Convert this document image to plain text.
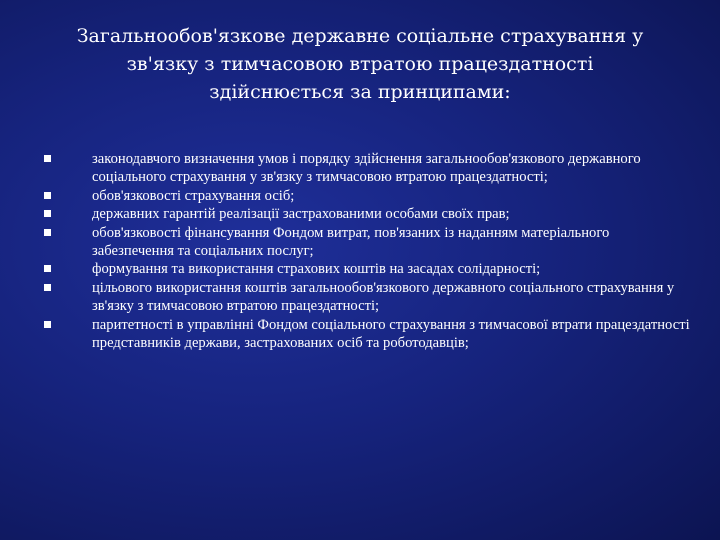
Загальнообов'язкове державне соціальне страхування у
зв'язку з тимчасовою втратою працездатності
здійснюється за принципами:
законодавчого визначення умов і порядку здійснення загальнообов'язкового державного соціального страхування у зв'язку з тимчасовою втратою працездатності;
обов'язковості страхування осіб;
державних гарантій реалізації застрахованими особами своїх прав;
обов'язковості фінансування Фондом витрат, пов'язаних із наданням матеріального забезпечення та соціальних послуг;
формування та використання страхових коштів на засадах солідарності;
цільового використання коштів загальнообов'язкового державного соціального страхування у зв'язку з тимчасовою втратою працездатності;
паритетності в управлінні Фондом соціального страхування з тимчасової втрати працездатності представників держави, застрахованих осіб та роботодавців;
